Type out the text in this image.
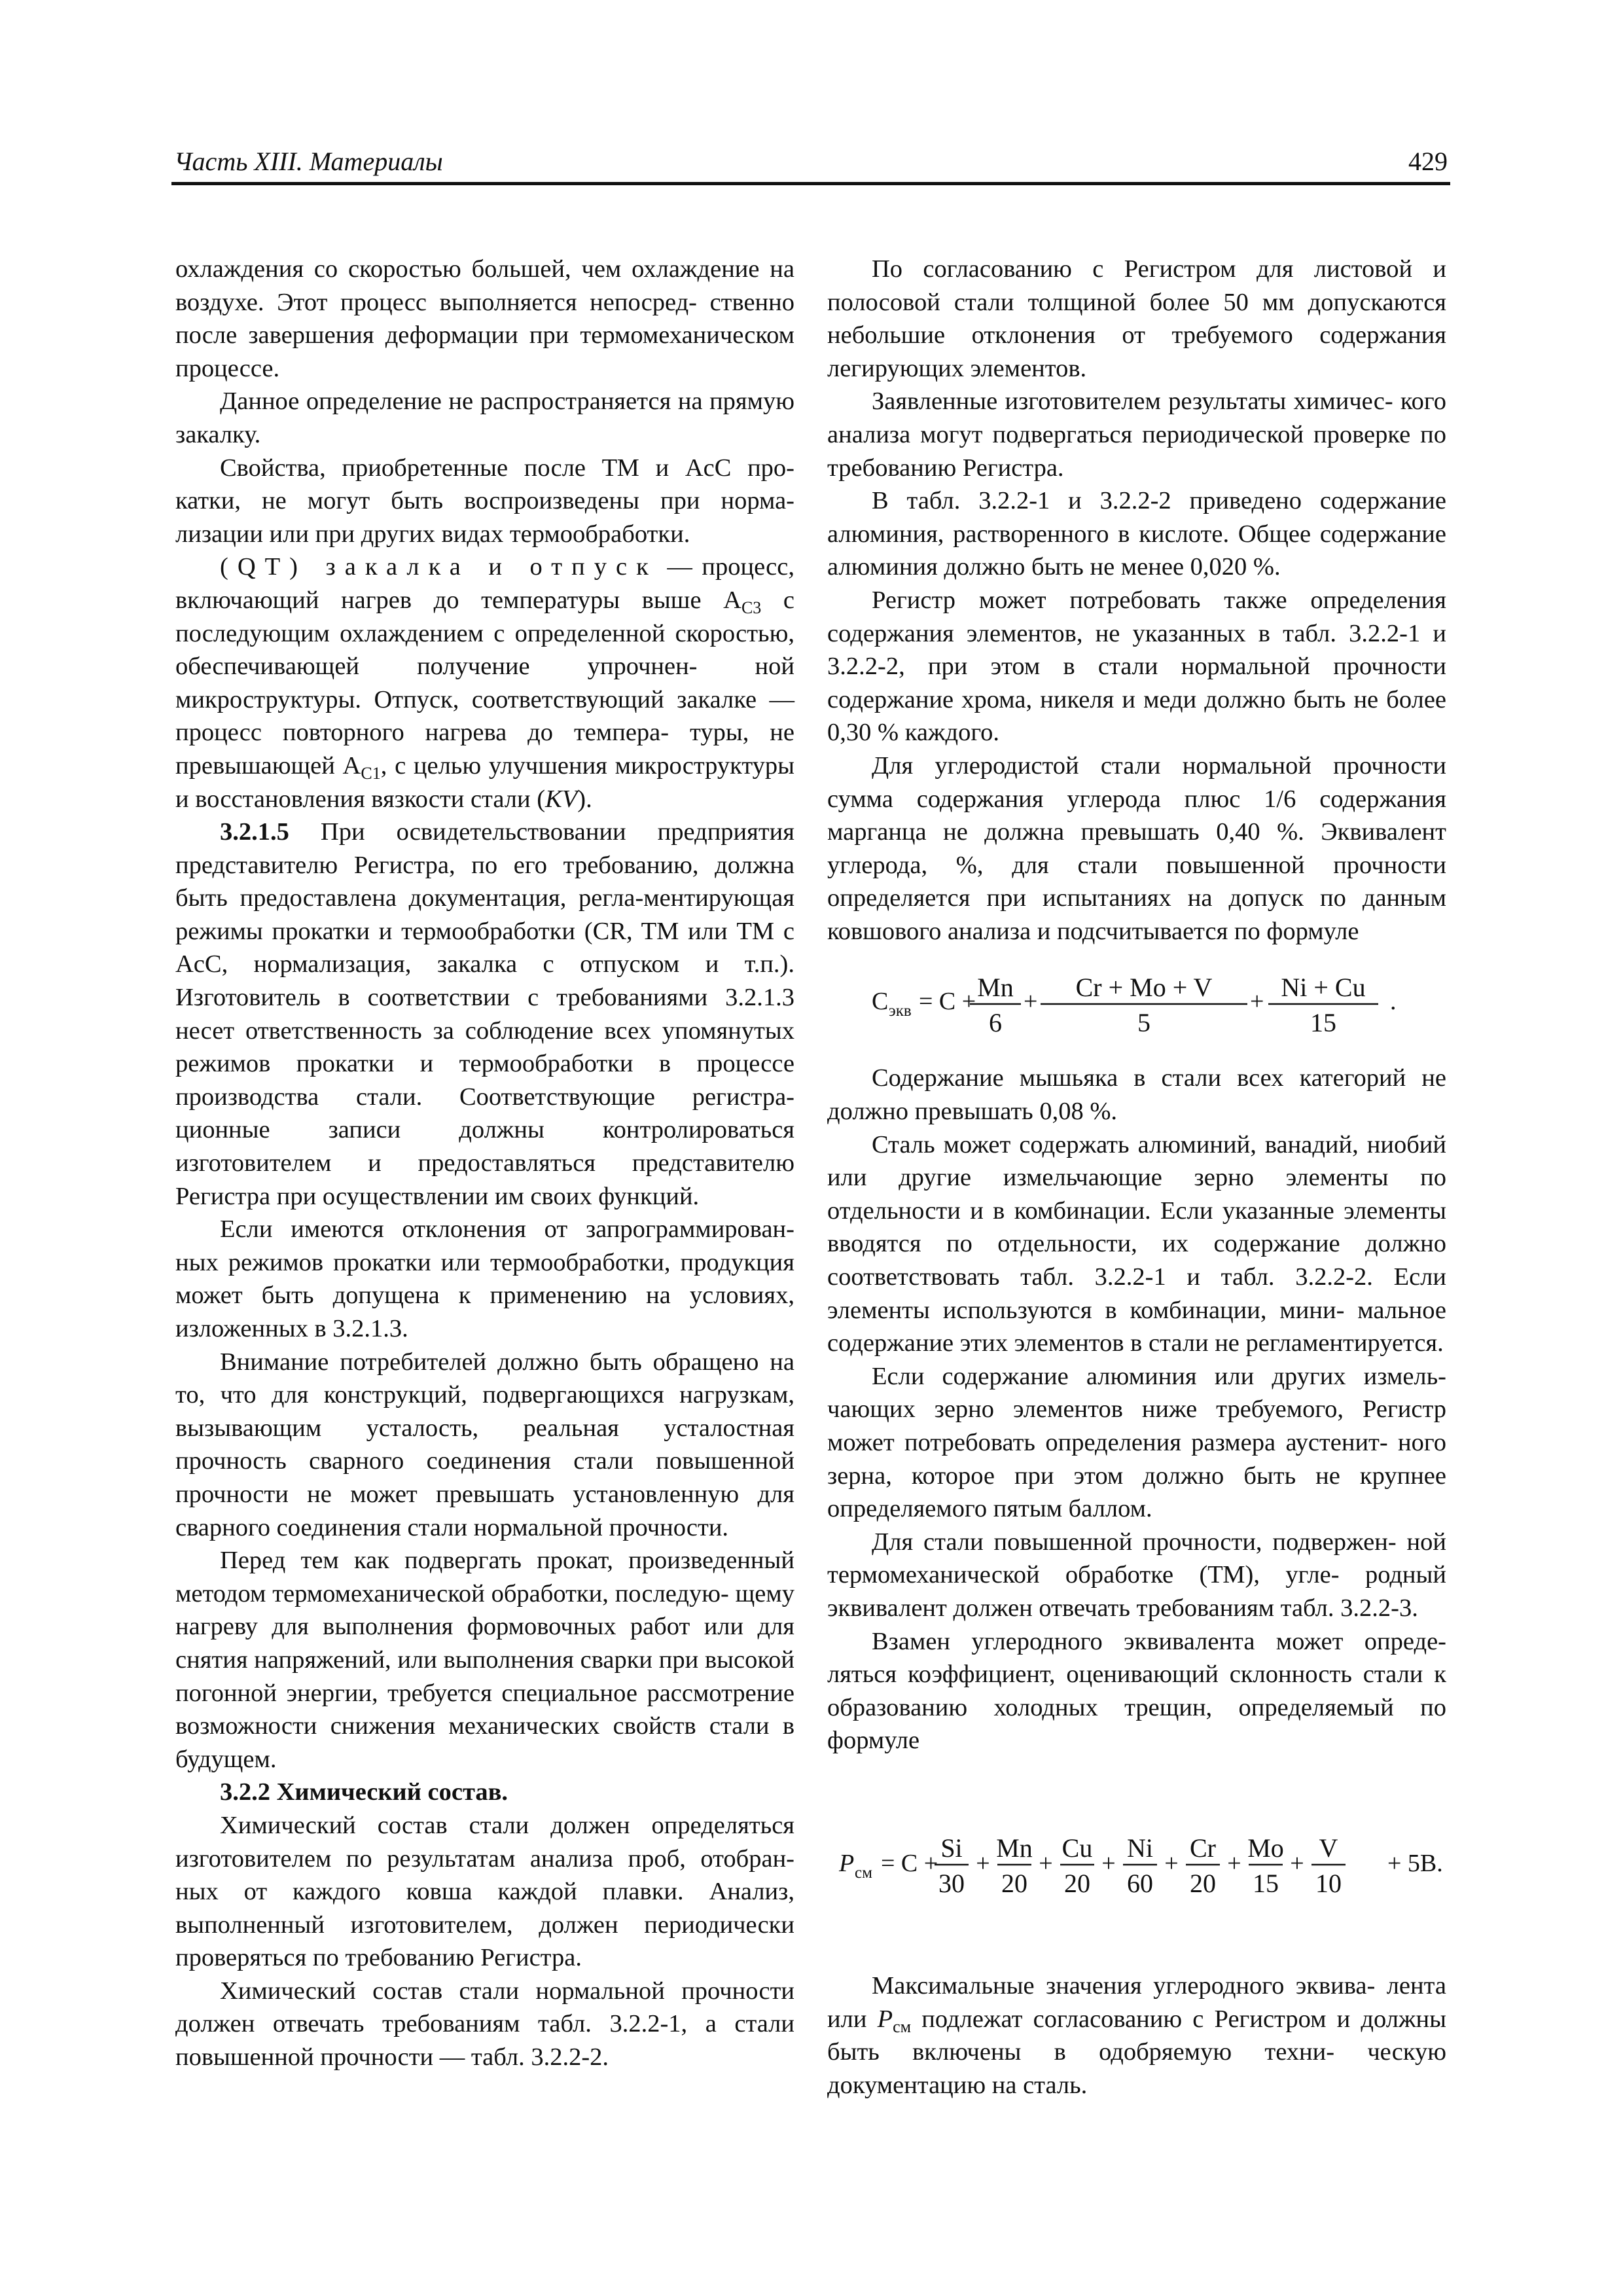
Часть XIII. Материалы	429

охлаждения со скоростью большей, чем охлаждение на воздухе. Этот процесс выполняется непосред- ственно после завершения деформации при термомеханическом процессе.

Данное определение не распространяется на прямую закалку.

Свойства, приобретенные после ТМ и AcC про- катки, не могут быть воспроизведены при норма- лизации или при других видах термообработки.

(QT) закалка и отпуск — процесс, включающий нагрев до температуры выше $A_{C3}$ с последующим охлаждением с определенной скоростью, обеспечивающей получение упрочнен- ной микроструктуры. Отпуск, соответствующий закалке — процесс повторного нагрева до темпера- туры, не превышающей $A_{C1}$, с целью улучшения микроструктуры и восстановления вязкости стали (KV).

3.2.1.5 При освидетельствовании предприятия представителю Регистра, по его требованию, должна быть предоставлена документация, регла-ментирующая режимы прокатки и термообработки (CR, TM или TM с AcC, нормализация, закалка с отпуском и т.п.). Изготовитель в соответствии с требованиями 3.2.1.3 несет ответственность за соблюдение всех упомянутых режимов прокатки и термообработки в процессе производства стали. Соответствующие регистра- ционные записи должны контролироваться изготовителем и предоставляться представителю Регистра при осуществлении им своих функций.

Если имеются отклонения от запрограммирован- ных режимов прокатки или термообработки, продукция может быть допущена к применению на условиях, изложенных в 3.2.1.3.

Внимание потребителей должно быть обращено на то, что для конструкций, подвергающихся нагрузкам, вызывающим усталость, реальная усталостная прочность сварного соединения стали повышенной прочности не может превышать установленную для сварного соединения стали нормальной прочности.

Перед тем как подвергать прокат, произведенный методом термомеханической обработки, последую- щему нагреву для выполнения формовочных работ или для снятия напряжений, или выполнения сварки при высокой погонной энергии, требуется специальное рассмотрение возможности снижения механических свойств стали в будущем.

3.2.2 Химический состав.

Химический состав стали должен определяться изготовителем по результатам анализа проб, отобран- ных от каждого ковша каждой плавки. Анализ, выполненный изготовителем, должен периодически проверяться по требованию Регистра.

Химический состав стали нормальной прочности должен отвечать требованиям табл. 3.2.2-1, а стали повышенной прочности — табл. 3.2.2-2.

По согласованию с Регистром для листовой и полосовой стали толщиной более 50 мм допускаются небольшие отклонения от требуемого содержания легирующих элементов.

Заявленные изготовителем результаты химичес- кого анализа могут подвергаться периодической проверке по требованию Регистра.

В табл. 3.2.2-1 и 3.2.2-2 приведено содержание алюминия, растворенного в кислоте. Общее содержание алюминия должно быть не менее 0,020 %.

Регистр может потребовать также определения содержания элементов, не указанных в табл. 3.2.2-1 и 3.2.2-2, при этом в стали нормальной прочности содержание хрома, никеля и меди должно быть не более 0,30 % каждого.

Для углеродистой стали нормальной прочности сумма содержания углерода плюс 1/6 содержания марганца не должна превышать 0,40 %. Эквивалент углерода, %, для стали повышенной прочности определяется при испытаниях на допуск по данным ковшового анализа и подсчитывается по формуле

C экв = C + Mn
6
+ Cr + Mo + V
5
+ Ni + Cu
15
.

Содержание мышьяка в стали всех категорий не должно превышать 0,08 %.

Сталь может содержать алюминий, ванадий, ниобий или другие измельчающие зерно элементы по отдельности и в комбинации. Если указанные элементы вводятся по отдельности, их содержание должно соответствовать табл. 3.2.2-1 и табл. 3.2.2-2. Если элементы используются в комбинации, мини- мальное содержание этих элементов в стали не регламентируется.

Если содержание алюминия или других измель- чающих зерно элементов ниже требуемого, Регистр может потребовать определения размера аустенит- ного зерна, которое при этом должно быть не крупнее определяемого пятым баллом.

Для стали повышенной прочности, подвержен- ной термомеханической обработке (ТМ), угле- родный эквивалент должен отвечать требованиям табл. 3.2.2-3.

Взамен углеродного эквивалента может опреде- ляться коэффициент, оценивающий склонность стали к образованию холодных трещин, определяемый по формуле

P см = C +
Si
30
+
Mn
20
+
Cu
20
+
Ni
60
+
Cr
20
+
Mo
15
+
V
10
+ 5B.

Максимальные значения углеродного эквива- лента или $P_{см}$ подлежат согласованию с Регистром и должны быть включены в одобряемую техни- ческую документацию на сталь.
